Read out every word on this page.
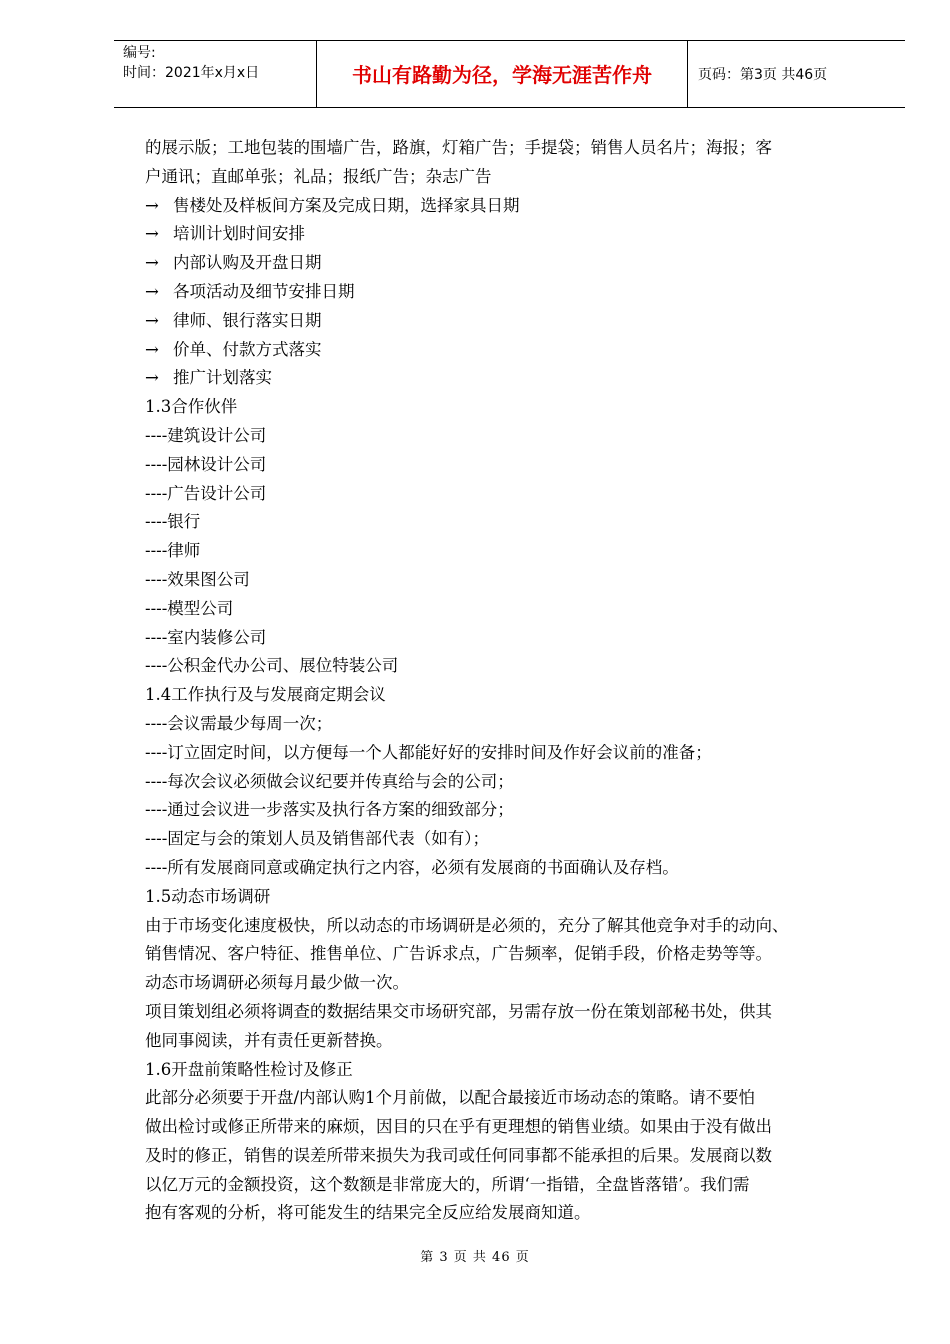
编号:
时间：2021年x月x日	书山有路勤为径，学海无涯苦作舟	页码：第3页 共46页
的展示版；工地包装的围墙广告，路旗，灯箱广告；手提袋；销售人员名片；海报；客
户通讯；直邮单张；礼品；报纸广告；杂志广告
→ 售楼处及样板间方案及完成日期，选择家具日期
→ 培训计划时间安排
→ 内部认购及开盘日期
→ 各项活动及细节安排日期
→ 律师、银行落实日期
→ 价单、付款方式落实
→ 推广计划落实
1.3合作伙伴
----建筑设计公司
----园林设计公司
----广告设计公司
----银行
----律师
----效果图公司
----模型公司
----室内装修公司
----公积金代办公司、展位特装公司
1.4工作执行及与发展商定期会议
----会议需最少每周一次；
----订立固定时间，以方便每一个人都能好好的安排时间及作好会议前的准备；
----每次会议必须做会议纪要并传真给与会的公司；
----通过会议进一步落实及执行各方案的细致部分；
----固定与会的策划人员及销售部代表（如有）；
----所有发展商同意或确定执行之内容，必须有发展商的书面确认及存档。
1.5动态市场调研
由于市场变化速度极快，所以动态的市场调研是必须的，充分了解其他竞争对手的动向、
销售情况、客户特征、推售单位、广告诉求点，广告频率，促销手段，价格走势等等。
动态市场调研必须每月最少做一次。
项目策划组必须将调查的数据结果交市场研究部，另需存放一份在策划部秘书处，供其
他同事阅读，并有责任更新替换。
1.6开盘前策略性检讨及修正
此部分必须要于开盘/内部认购1个月前做，以配合最接近市场动态的策略。请不要怕
做出检讨或修正所带来的麻烦，因目的只在乎有更理想的销售业绩。如果由于没有做出
及时的修正，销售的误差所带来损失为我司或任何同事都不能承担的后果。发展商以数
以亿万元的金额投资，这个数额是非常庞大的，所谓‘一指错，全盘皆落错’。我们需
抱有客观的分析，将可能发生的结果完全反应给发展商知道。
第 3 页 共 46 页
